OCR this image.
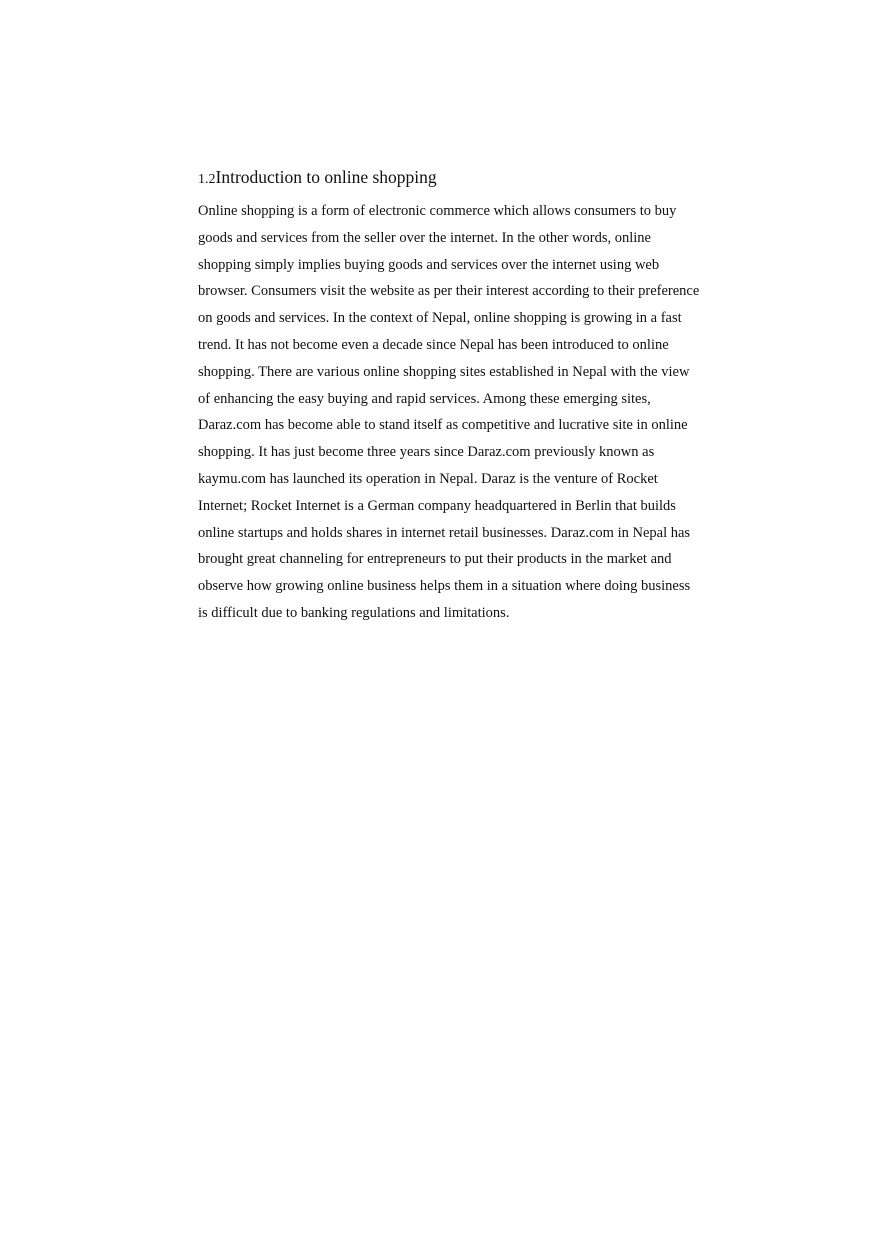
1.2Introduction to online shopping

Online shopping is a form of electronic commerce which allows consumers to buy
goods and services from the seller over the internet. In the other words, online
shopping simply implies buying goods and services over the internet using web
browser. Consumers visit the website as per their interest according to their preference
on goods and services. In the context of Nepal, online shopping is growing in a fast
trend. It has not become even a decade since Nepal has been introduced to online
shopping. There are various online shopping sites established in Nepal with the view
of enhancing the easy buying and rapid services. Among these emerging sites,
Daraz.com has become able to stand itself as competitive and lucrative site in online
shopping. It has just become three years since Daraz.com previously known as
kaymu.com has launched its operation in Nepal. Daraz is the venture of Rocket
Internet; Rocket Internet is a German company headquartered in Berlin that builds
online startups and holds shares in internet retail businesses. Daraz.com in Nepal has
brought great channeling for entrepreneurs to put their products in the market and
observe how growing online business helps them in a situation where doing business
is difficult due to banking regulations and limitations.
